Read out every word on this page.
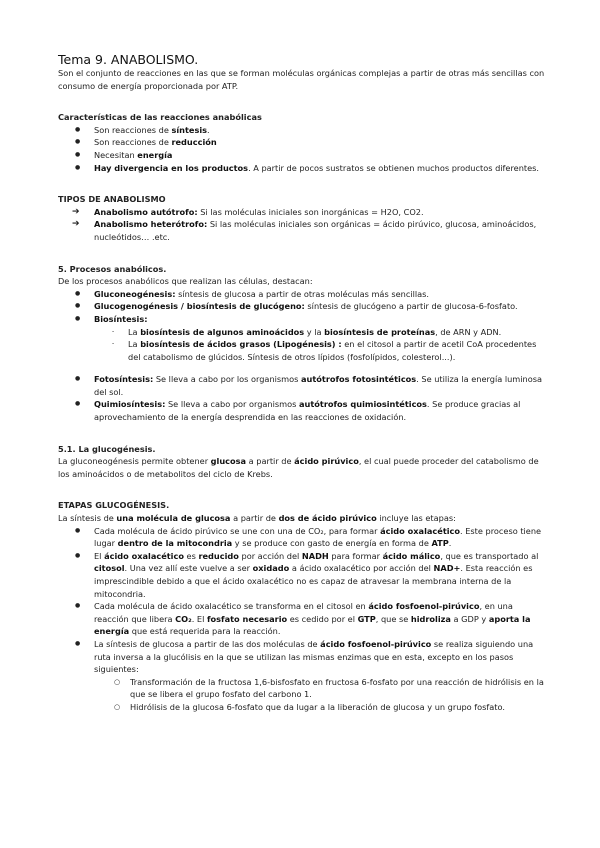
Tema 9. ANABOLISMO.

Son el conjunto de reacciones en las que se forman moléculas orgánicas complejas a partir de otras más sencillas con consumo de energía proporcionada por ATP.

Características de las reacciones anabólicas

● Son reacciones de síntesis.
● Son reacciones de reducción
● Necesitan energía
● Hay divergencia en los productos. A partir de pocos sustratos se obtienen muchos productos diferentes.

TIPOS DE ANABOLISMO

➔ Anabolismo autótrofo: Si las moléculas iniciales son inorgánicas = H2O, CO2.
➔ Anabolismo heterótrofo: Si las moléculas iniciales son orgánicas = ácido pirúvico, glucosa, aminoácidos, nucleótidos… .etc.

5. Procesos anabólicos.

De los procesos anabólicos que realizan las células, destacan:

● Gluconeogénesis: síntesis de glucosa a partir de otras moléculas más sencillas.
● Glucogenogénesis / biosíntesis de glucógeno: síntesis de glucógeno a partir de glucosa-6-fosfato.
● Biosíntesis:
- La biosíntesis de algunos aminoácidos y la biosíntesis de proteínas, de ARN y ADN.
- La biosíntesis de ácidos grasos (Lipogénesis) : en el citosol a partir de acetil CoA procedentes del catabolismo de glúcidos. Síntesis de otros lípidos (fosfolípidos, colesterol...).
● Fotosíntesis: Se lleva a cabo por los organismos autótrofos fotosintéticos. Se utiliza la energía luminosa del sol.
● Quimiosíntesis: Se lleva a cabo por organismos autótrofos quimiosintéticos. Se produce gracias al aprovechamiento de la energía desprendida en las reacciones de oxidación.

5.1. La glucogénesis.

La gluconeogénesis permite obtener glucosa a partir de ácido pirúvico, el cual puede proceder del catabolismo de los aminoácidos o de metabolitos del ciclo de Krebs.

ETAPAS GLUCOGÉNESIS.

La síntesis de una molécula de glucosa a partir de dos de ácido pirúvico incluye las etapas:

● Cada molécula de ácido pirúvico se une con una de CO₂, para formar ácido oxalacético. Este proceso tiene lugar dentro de la mitocondria y se produce con gasto de energía en forma de ATP.
● El ácido oxalacético es reducido por acción del NADH para formar ácido málico, que es transportado al citosol. Una vez allí este vuelve a ser oxidado a ácido oxalacético por acción del NAD+. Esta reacción es imprescindible debido a que el ácido oxalacético no es capaz de atravesar la membrana interna de la mitocondria.
● Cada molécula de ácido oxalacético se transforma en el citosol en ácido fosfoenol-pirúvico, en una reacción que libera CO₂. El fosfato necesario es cedido por el GTP, que se hidroliza a GDP y aporta la energía que está requerida para la reacción.
● La síntesis de glucosa a partir de las dos moléculas de ácido fosfoenol-pirúvico se realiza siguiendo una ruta inversa a la glucólisis en la que se utilizan las mismas enzimas que en esta, excepto en los pasos siguientes:
○ Transformación de la fructosa 1,6-bisfosfato en fructosa 6-fosfato por una reacción de hidrólisis en la que se libera el grupo fosfato del carbono 1.
○ Hidrólisis de la glucosa 6-fosfato que da lugar a la liberación de glucosa y un grupo fosfato.
